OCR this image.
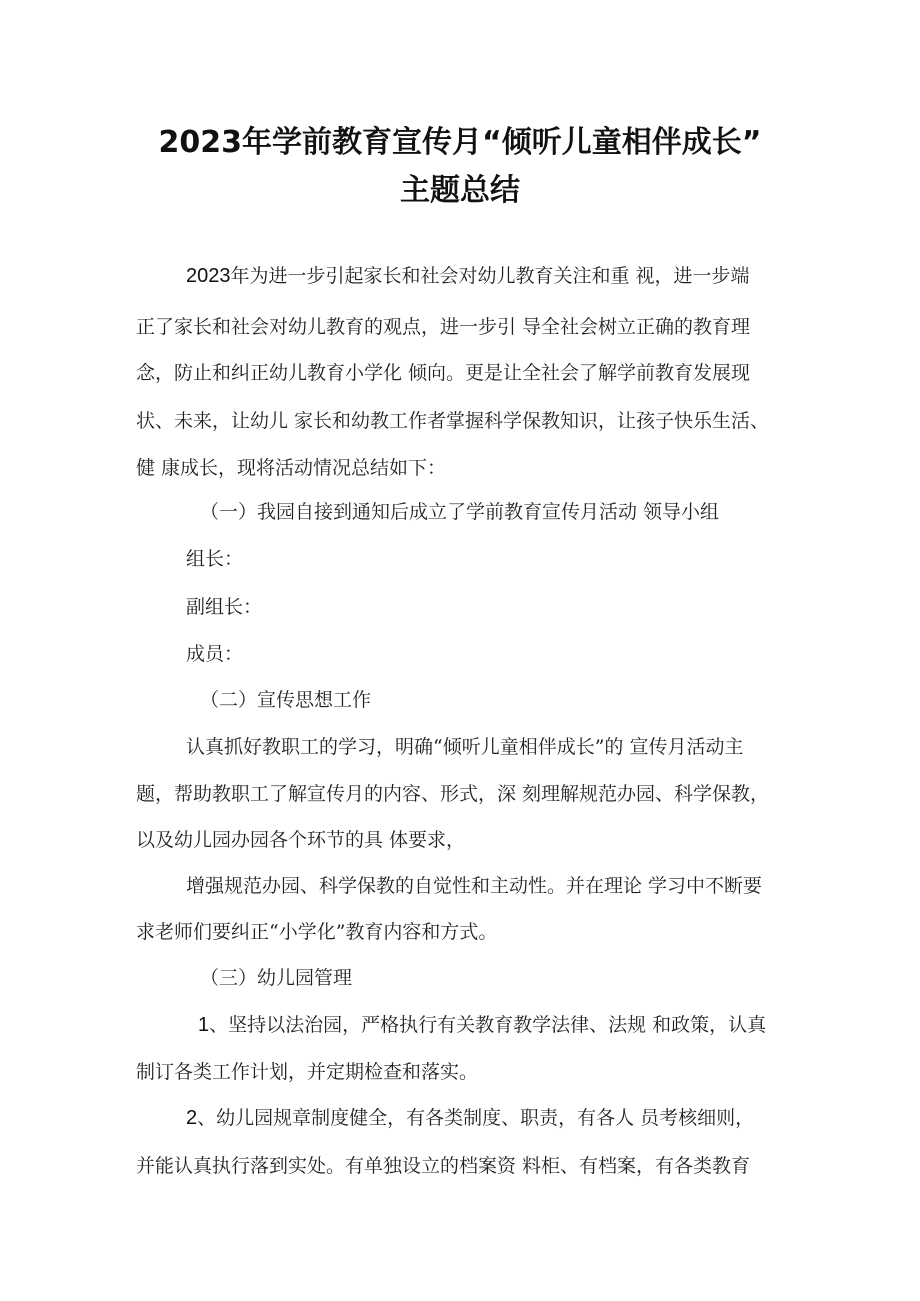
2023年学前教育宣传月“倾听儿童相伴成长”
主题总结
2023年为进一步引起家长和社会对幼儿教育关注和重 视，进一步端
正了家长和社会对幼儿教育的观点，进一步引 导全社会树立正确的教育理
念，防止和纠正幼儿教育小学化 倾向。更是让全社会了解学前教育发展现
状、未来，让幼儿 家长和幼教工作者掌握科学保教知识，让孩子快乐生活、
健 康成长，现将活动情况总结如下：
（一）我园自接到通知后成立了学前教育宣传月活动 领导小组
组长：
副组长：
成员：
（二）宣传思想工作
认真抓好教职工的学习，明确“倾听儿童相伴成长”的 宣传月活动主
题，帮助教职工了解宣传月的内容、形式，深 刻理解规范办园、科学保教，
以及幼儿园办园各个环节的具 体要求，
增强规范办园、科学保教的自觉性和主动性。并在理论 学习中不断要
求老师们要纠正“小学化”教育内容和方式。
（三）幼儿园管理
1、坚持以法治园，严格执行有关教育教学法律、法规 和政策，认真
制订各类工作计划，并定期检查和落实。
2、幼儿园规章制度健全，有各类制度、职责，有各人 员考核细则，
并能认真执行落到实处。有单独设立的档案资 料柜、有档案，有各类教育
